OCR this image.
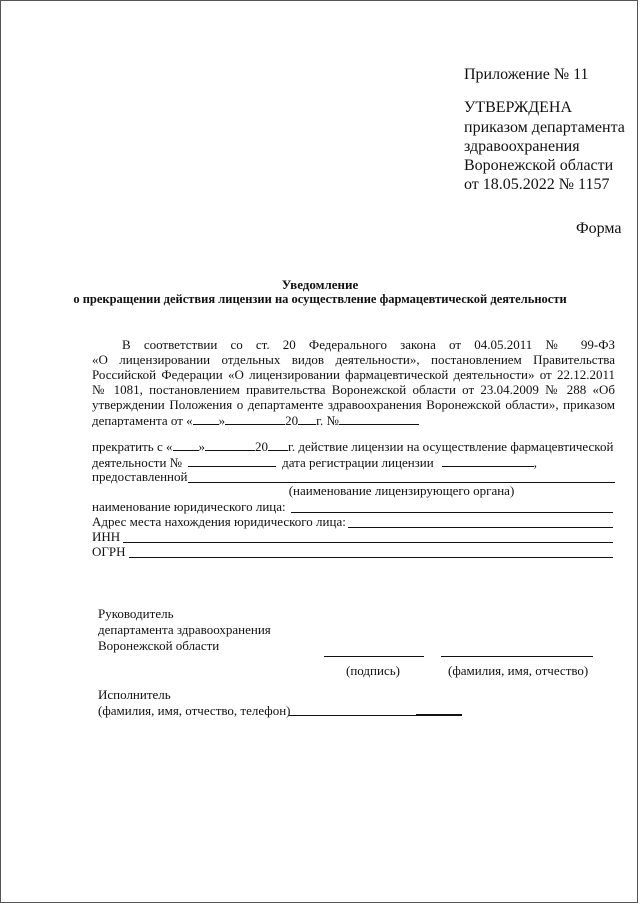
Приложение № 11
УТВЕРЖДЕНА
приказом департамента
здравоохранения
Воронежской области
от 18.05.2022 № 1157
Форма
Уведомление
о прекращении действия лицензии на осуществление фармацевтической деятельности
В соответствии со ст. 20 Федерального закона от 04.05.2011 № 99-ФЗ
«О лицензировании отдельных видов деятельности», постановлением Правительства
Российской Федерации «О лицензировании фармацевтической деятельности» от 22.12.2011
№ 1081, постановлением правительства Воронежской области от 23.04.2009 № 288 «Об
утверждении Положения о департаменте здравоохранения Воронежской области», приказом
департамента от « »	20 г. №
прекратить с « »	20 г. действие лицензии на осуществление фармацевтической
деятельности №	дата регистрации лицензии	,
предоставленной
(наименование лицензирующего органа)
наименование юридического лица:
Адрес места нахождения юридического лица:
ИНН
ОГРН
Руководитель
департамента здравоохранения
Воронежской области
(подпись)	(фамилия, имя, отчество)
Исполнитель
(фамилия, имя, отчество, телефон)
